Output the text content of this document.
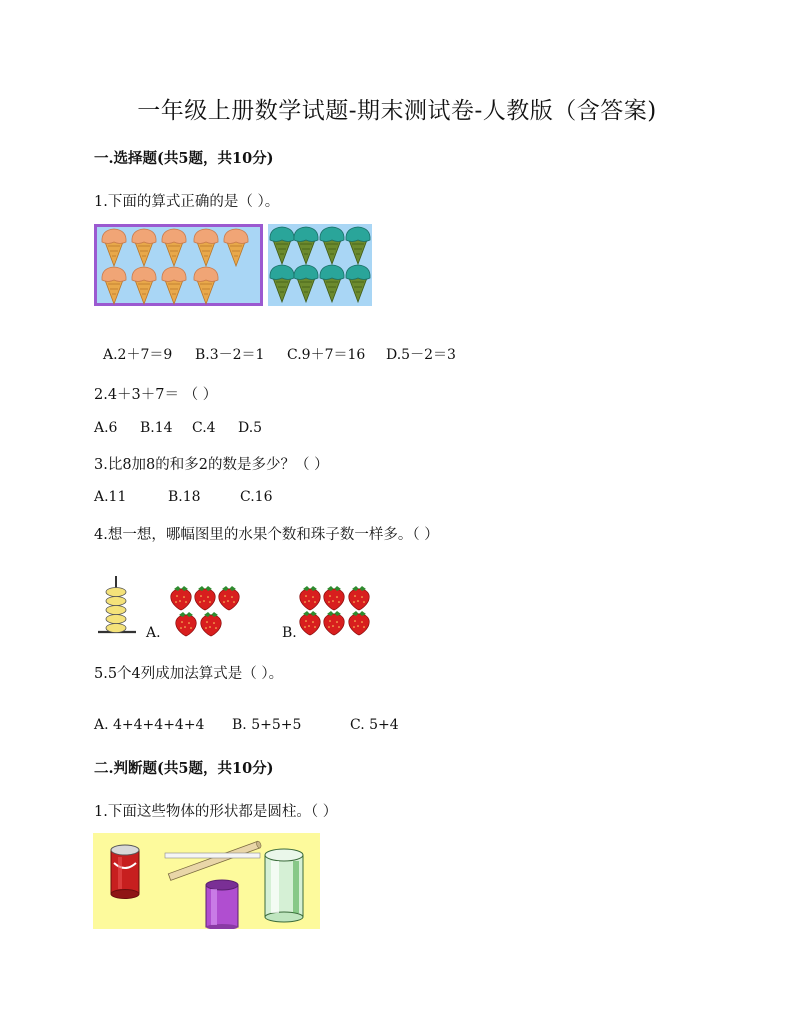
一年级上册数学试题-期末测试卷-人教版（含答案)
一.选择题(共5题，共10分)
1.下面的算式正确的是（ ）。
A.2＋7＝9 B.3－2＝1 C.9＋7＝16 D.5－2＝3
2.4＋3＋7＝ （ ）
A.6 B.14 C.4 D.5
3.比8加8的和多2的数是多少？（ ）
A.11	B.18	C.16
4.想一想，哪幅图里的水果个数和珠子数一样多。（ ）
A.	B.
5.5个4列成加法算式是（ ）。
A. 4+4+4+4+4 B. 5+5+5	C. 5+4
二.判断题(共5题，共10分)
1.下面这些物体的形状都是圆柱。（ ）
